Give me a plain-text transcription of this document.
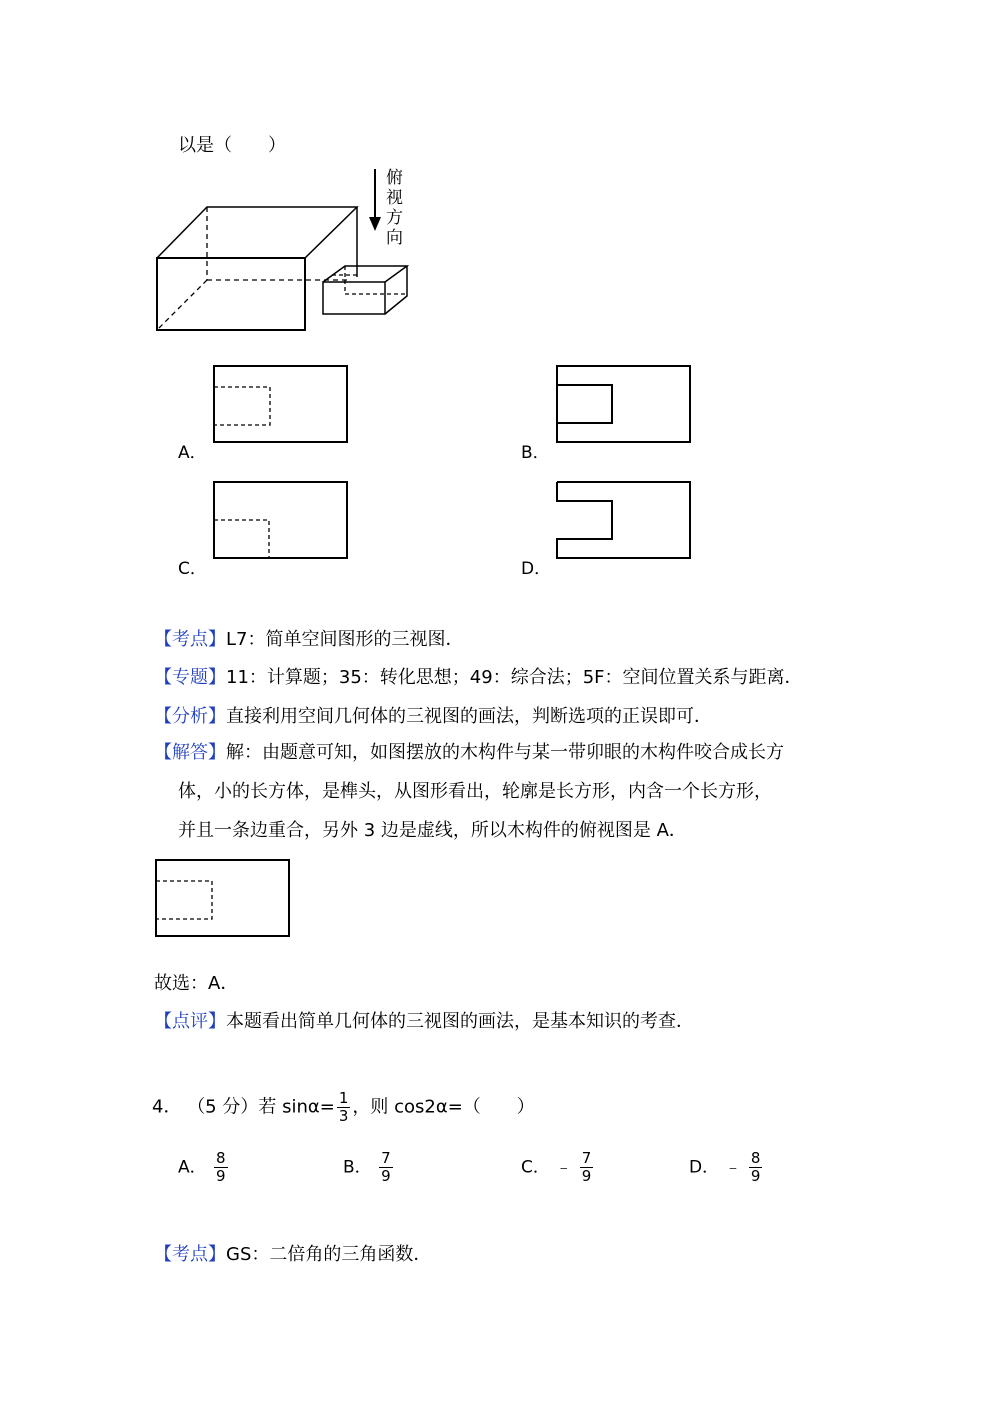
以是（　　）
俯
视
方
向
A．	B．
C．	D．
【考点】L7：简单空间图形的三视图．
【专题】11：计算题；35：转化思想；49：综合法；5F：空间位置关系与距离．
【分析】直接利用空间几何体的三视图的画法，判断选项的正误即可．
【解答】解：由题意可知，如图摆放的木构件与某一带卯眼的木构件咬合成长方
体，小的长方体，是榫头，从图形看出，轮廓是长方形，内含一个长方形，
并且一条边重合，另外 3 边是虚线，所以木构件的俯视图是 A．
故选：A．
【点评】本题看出简单几何体的三视图的画法，是基本知识的考查．
4． （5 分）若 $\sin\alpha= \frac{1}{3}$ ，则 cos2α=（　　）
A． $\frac{8}{9}$	B． $\frac{7}{9}$	C． ﹣ $\frac{7}{9}$	D． ﹣ $\frac{8}{9}$
【考点】GS：二倍角的三角函数．
